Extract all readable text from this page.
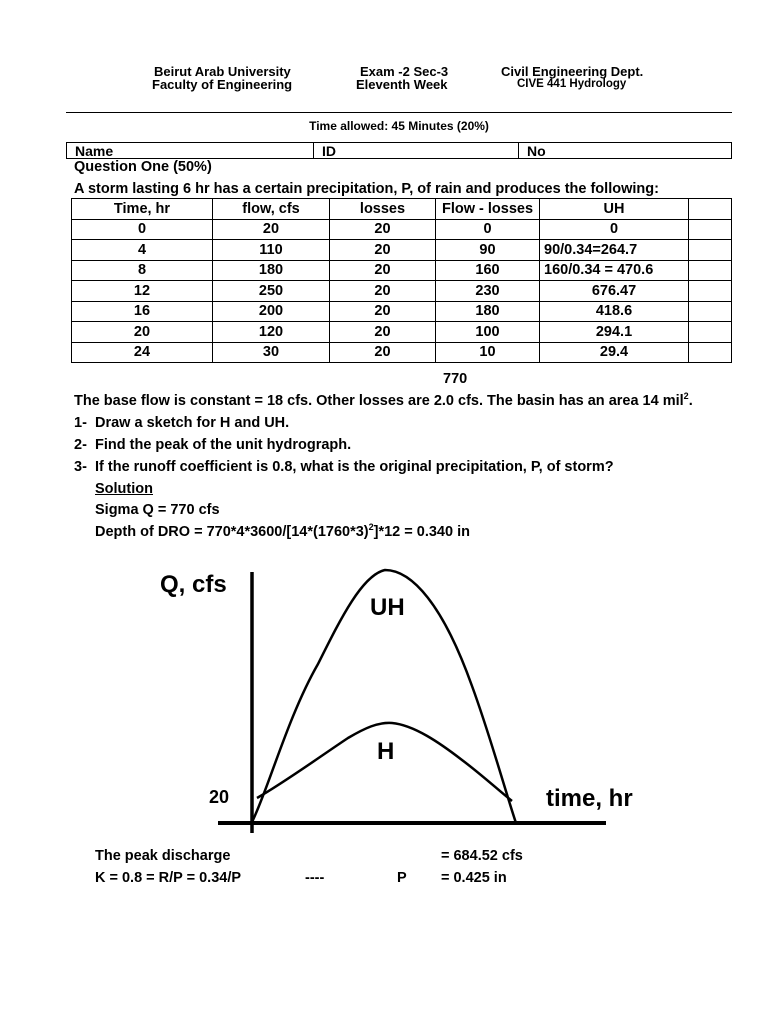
Beirut Arab University
Faculty of Engineering
Exam -2 Sec-3
Eleventh Week
Civil Engineering Dept.
CIVE 441 Hydrology
Time allowed: 45 Minutes (20%)
Name	ID	No
Question One (50%)
A storm lasting 6 hr has a certain precipitation, P, of rain and produces the following:
Time, hr	flow, cfs	losses	Flow - losses	UH	
0	20	20	0	0	
4	110	20	90	90/0.34=264.7	
8	180	20	160	160/0.34 = 470.6	
12	250	20	230	676.47	
16	200	20	180	418.6	
20	120	20	100	294.1	
24	30	20	10	29.4	
770
The base flow is constant = 18 cfs. Other losses are 2.0 cfs. The basin has an area 14 mil$^2$.
1- Draw a sketch for H and UH.
2- Find the peak of the unit hydrograph.
3- If the runoff coefficient is 0.8, what is the original precipitation, P, of storm?
Solution
Sigma Q = 770 cfs
Depth of DRO = $770*4*3600/[14*(1760*3)^2]*12 = 0.340$ in
Q, cfs
time, hr
UH
H
20
The peak discharge	= 684.52 cfs
K = 0.8 = R/P = 0.34/P	----	P = 0.425 in
